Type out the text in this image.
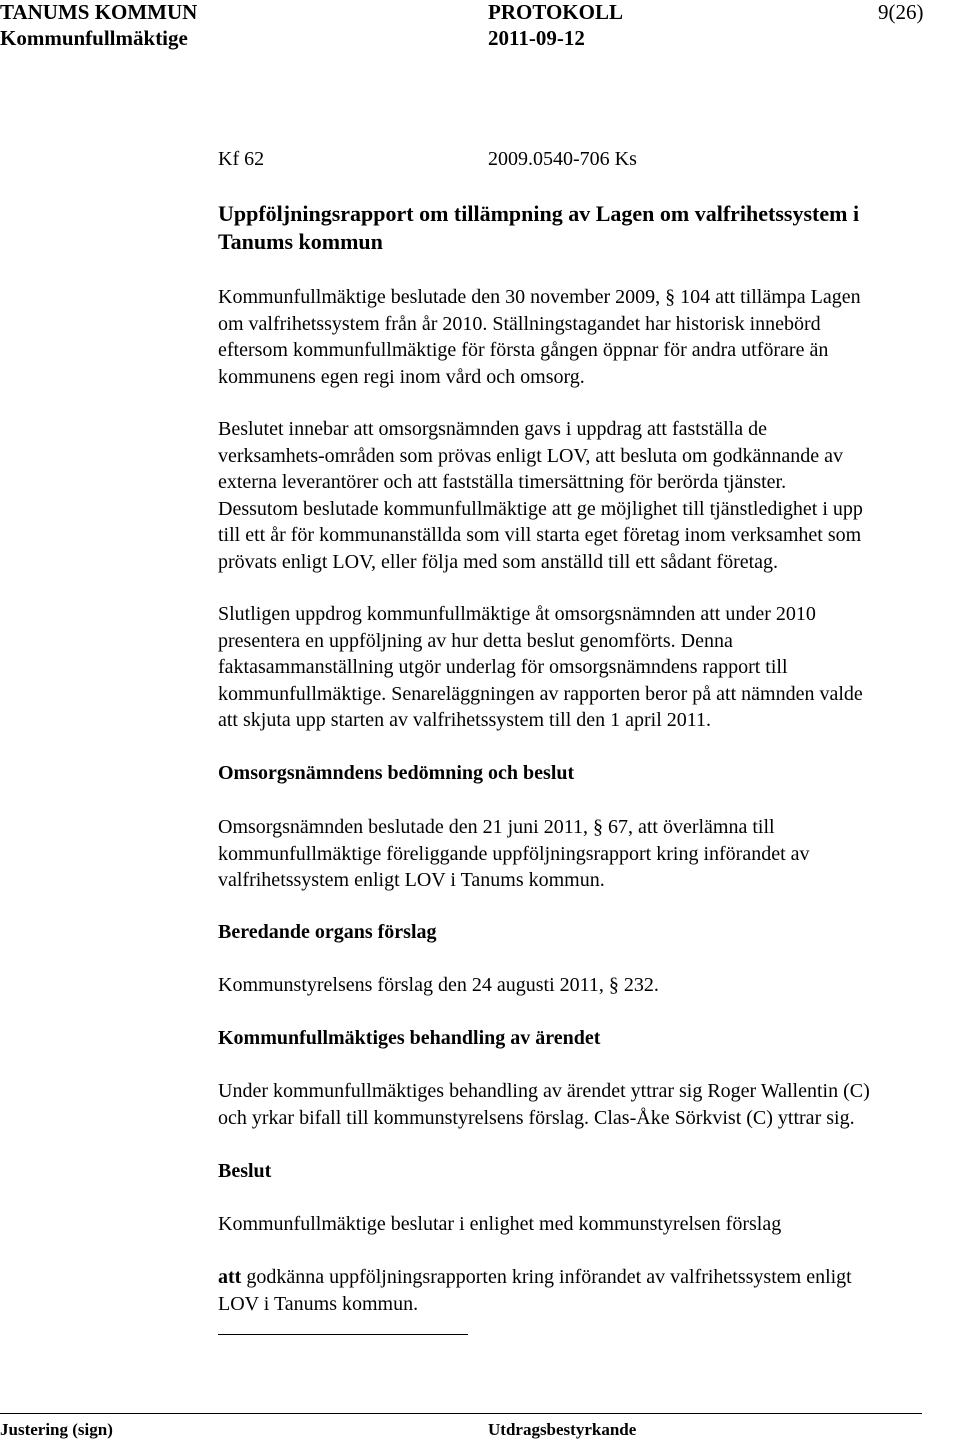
TANUMS KOMMUN	PROTOKOLL	9(26)
Kommunfullmäktige	2011-09-12
Kf 62	2009.0540-706 Ks
Uppföljningsrapport om tillämpning av Lagen om valfrihetssystem i
Tanums kommun
Kommunfullmäktige beslutade den 30 november 2009, § 104 att tillämpa Lagen
om valfrihetssystem från år 2010. Ställningstagandet har historisk innebörd
eftersom kommunfullmäktige för första gången öppnar för andra utförare än
kommunens egen regi inom vård och omsorg.
Beslutet innebar att omsorgsnämnden gavs i uppdrag att fastställa de
verksamhets-områden som prövas enligt LOV, att besluta om godkännande av
externa leverantörer och att fastställa timersättning för berörda tjänster.
Dessutom beslutade kommunfullmäktige att ge möjlighet till tjänstledighet i upp
till ett år för kommunanställda som vill starta eget företag inom verksamhet som
prövats enligt LOV, eller följa med som anställd till ett sådant företag.
Slutligen uppdrog kommunfullmäktige åt omsorgsnämnden att under 2010
presentera en uppföljning av hur detta beslut genomförts. Denna
faktasammanställning utgör underlag för omsorgsnämndens rapport till
kommunfullmäktige. Senareläggningen av rapporten beror på att nämnden valde
att skjuta upp starten av valfrihetssystem till den 1 april 2011.
Omsorgsnämndens bedömning och beslut
Omsorgsnämnden beslutade den 21 juni 2011, § 67, att överlämna till
kommunfullmäktige föreliggande uppföljningsrapport kring införandet av
valfrihetssystem enligt LOV i Tanums kommun.
Beredande organs förslag
Kommunstyrelsens förslag den 24 augusti 2011, § 232.
Kommunfullmäktiges behandling av ärendet
Under kommunfullmäktiges behandling av ärendet yttrar sig Roger Wallentin (C)
och yrkar bifall till kommunstyrelsens förslag. Clas-Åke Sörkvist (C) yttrar sig.
Beslut
Kommunfullmäktige beslutar i enlighet med kommunstyrelsen förslag
att godkänna uppföljningsrapporten kring införandet av valfrihetssystem enligt
LOV i Tanums kommun.
Justering (sign)	Utdragsbestyrkande
